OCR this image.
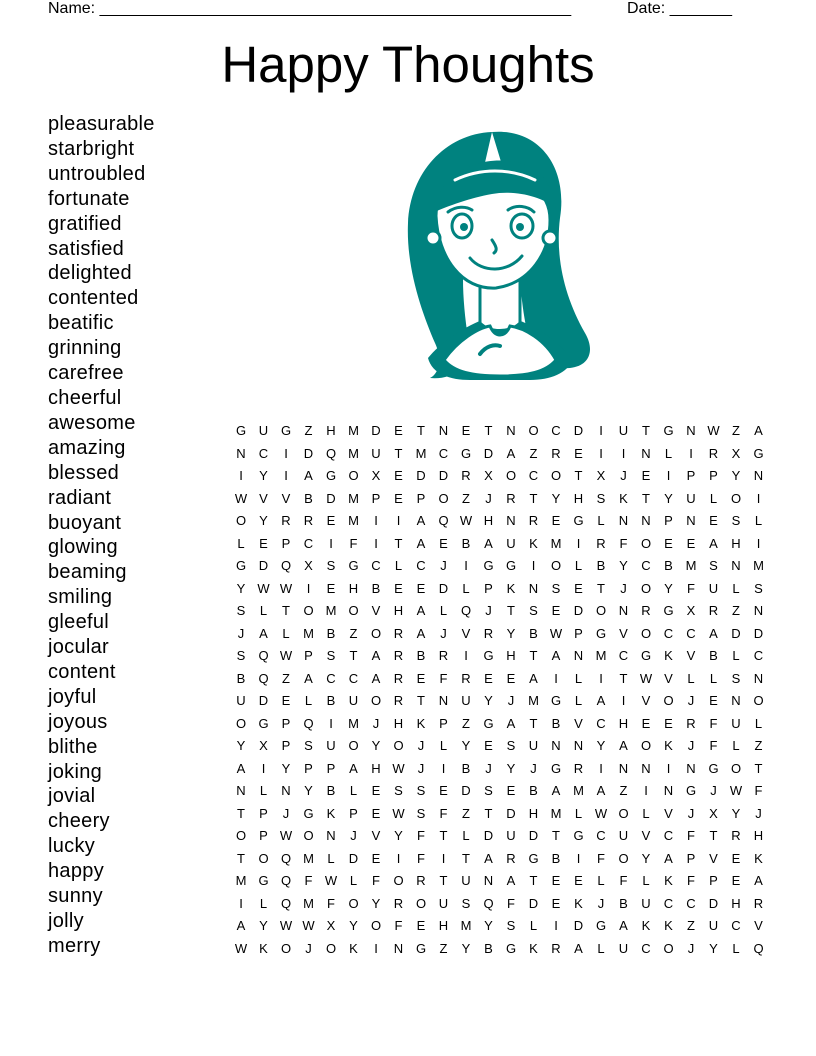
Name: _____________________________________________________	Date: _______
Happy Thoughts
pleasurable
starbright
untroubled
fortunate
gratified
satisfied
delighted
contented
beatific
grinning
carefree
cheerful
awesome
amazing
blessed
radiant
buoyant
glowing
beaming
smiling
gleeful
jocular
content
joyful
joyous
blithe
joking
jovial
cheery
lucky
happy
sunny
jolly
merry
G U G Z	H M D E	T	N E	T	N O C D	I	U	T G N W Z	A
N C	I	D Q M U	T M C G D A	Z	R E	I	I	N	L	I	R X G
I	Y	I	A G O X	E D D R X O C O T	X	J	E	I	P	P	Y N
W V	V	B D M P	E	P O Z	J	R	T	Y H S	K	T	Y U	L	O	I
O Y R R E M	I	I	A Q W H N R E G	L	N N P N E	S	L
L	E	P C	I	F	I	T	A	E	B	A U K M	I	R	F O E	E	A H	I
G D Q X	S G C	L	C	J	I	G G	I	O	L	B	Y C B M S N M
Y W W	I	E H B	E	E D	L	P	K N S	E	T	J	O Y	F	U	L	S
S	L	T O M O V H A	L	Q	J	T	S	E D O N R G X R	Z	N
J	A	L M B	Z O R A	J	V R Y	B W P G V O C C A D D
S Q W P	S	T	A R B R	I	G H	T	A N M C G K	V	B	L	C
B Q Z	A C C A R E	F	R E	E	A	I	L	I	T W V	L	L	S N
U D E	L	B U O R	T	N U Y	J	M G	L	A	I	V O	J	E N O
O G P Q	I	M	J	H K	P	Z G A	T	B	V C H E	E R	F	U	L
Y	X	P	S U O Y O	J	L	Y	E	S U N N Y	A O K	J	F	L	Z
A	I	Y	P	P	A H W J	I	B	J	Y	J	G R	I	N N	I	N G O T
N	L	N Y	B	L	E	S	S	E D S	E	B	A M A	Z	I	N G	J W F
T	P	J	G K	P	E W S	F	Z	T	D H M L W O	L	V	J	X	Y	J
O P W O N	J	V	Y	F	T	L	D U D	T G C U V C	F	T	R H
T O Q M L	D E	I	F	I	T	A R G B	I	F O Y	A	P	V	E	K
M G Q F W L	F O R	T	U N A	T	E	E	L	F	L	K	F	P	E	A
I	L	Q M F O Y R O U S Q F	D E	K	J	B U C C D H R
A	Y W W X	Y O F	E H M Y	S	L	I	D G A	K	K	Z	U C V
W K O	J	O K	I	N G Z	Y	B G K R A	L	U C O	J	Y	L	Q
